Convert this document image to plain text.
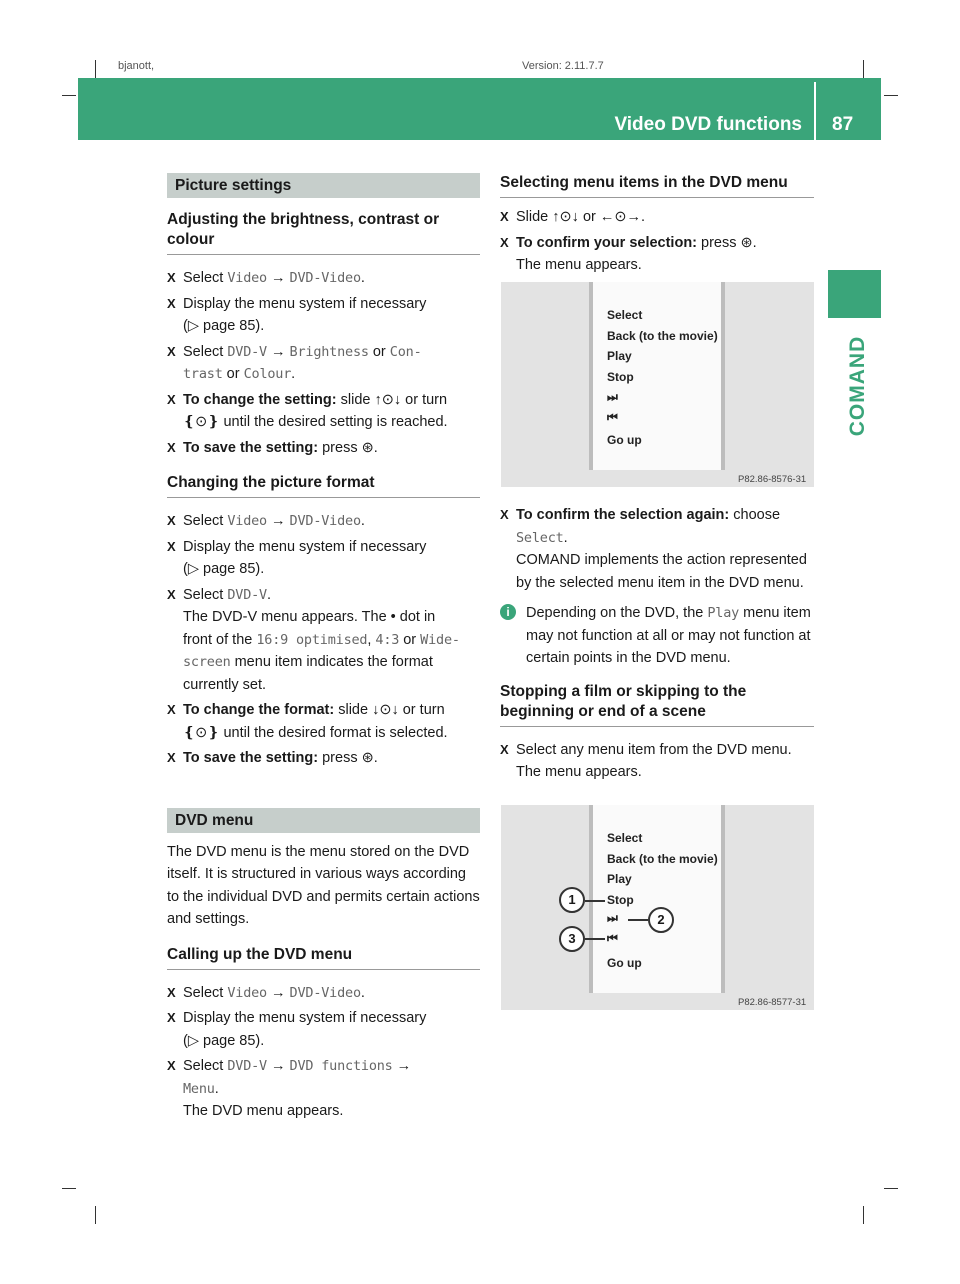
bjanott,	Version: 2.11.7.7
Video DVD functions 87
COMAND
Picture settings
Adjusting the brightness, contrast or colour
X Select Video → DVD-Video.
X Display the menu system if necessary

(▷ page 85).

X Select DVD-V → Brightness or Con-
trast or Colour.
X To change the setting: slide ↑⊙↓ or turn
❴⊙❵ until the desired setting is reached.
X To save the setting: press ⊛.
Changing the picture format
X Select Video → DVD-Video.
X Display the menu system if necessary

(▷ page 85).

X Select DVD-V.
The DVD-V menu appears. The • dot in
front of the 16:9 optimised, 4:3 or Wide-
screen menu item indicates the format
currently set.
X To change the format: slide ↓⊙↓ or turn
❴⊙❵ until the desired format is selected.
X To save the setting: press ⊛.
DVD menu

The DVD menu is the menu stored on the DVD itself. It is structured in various ways according to the individual DVD and permits certain actions and settings.

Calling up the DVD menu
X Select Video → DVD-Video.
X Display the menu system if necessary

(▷ page 85).

X Select DVD-V → DVD functions →
Menu.
The DVD menu appears.
Selecting menu items in the DVD menu
X Slide ↑⊙↓ or ←⊙→.
X To confirm your selection: press ⊛.
The menu appears.
Select
Back (to the movie)
Play
Stop
⏭
⏮
Go up
P82.86-8576-31
X To confirm the selection again: choose
Select.
COMAND implements the action represented by the selected menu item in the DVD menu.
i	Depending on the DVD, the Play menu item may not function at all or may not function at certain points in the DVD menu.
Stopping a film or skipping to the beginning or end of a scene
X Select any menu item from the DVD menu.
The menu appears.
Select
Back (to the movie)
Play
Stop
⏭
⏮
Go up
1
2
3
P82.86-8577-31
